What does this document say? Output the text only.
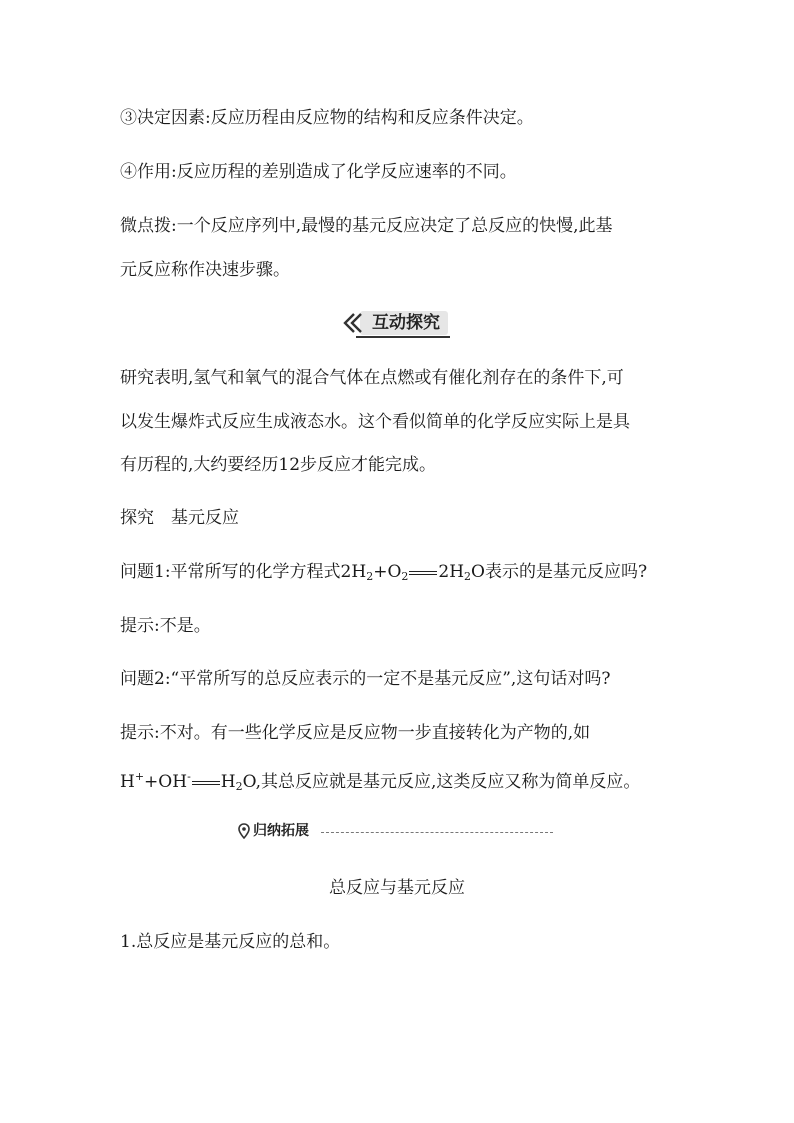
③决定因素:反应历程由反应物的结构和反应条件决定。
④作用:反应历程的差别造成了化学反应速率的不同。
微点拨:一个反应序列中,最慢的基元反应决定了总反应的快慢,此基
元反应称作决速步骤。
互动探究
研究表明,氢气和氧气的混合气体在点燃或有催化剂存在的条件下,可
以发生爆炸式反应生成液态水。这个看似简单的化学反应实际上是具
有历程的,大约要经历12步反应才能完成。
探究　基元反应
问题1:平常所写的化学方程式$2H_2+O_2$ $2H_2O$表示的是基元反应吗?
提示:不是。
问题2:“平常所写的总反应表示的一定不是基元反应”,这句话对吗?
提示:不对。有一些化学反应是反应物一步直接转化为产物的,如
H++OH- $H_2O$,其总反应就是基元反应,这类反应又称为简单反应。
归纳拓展
总反应与基元反应
1.总反应是基元反应的总和。
